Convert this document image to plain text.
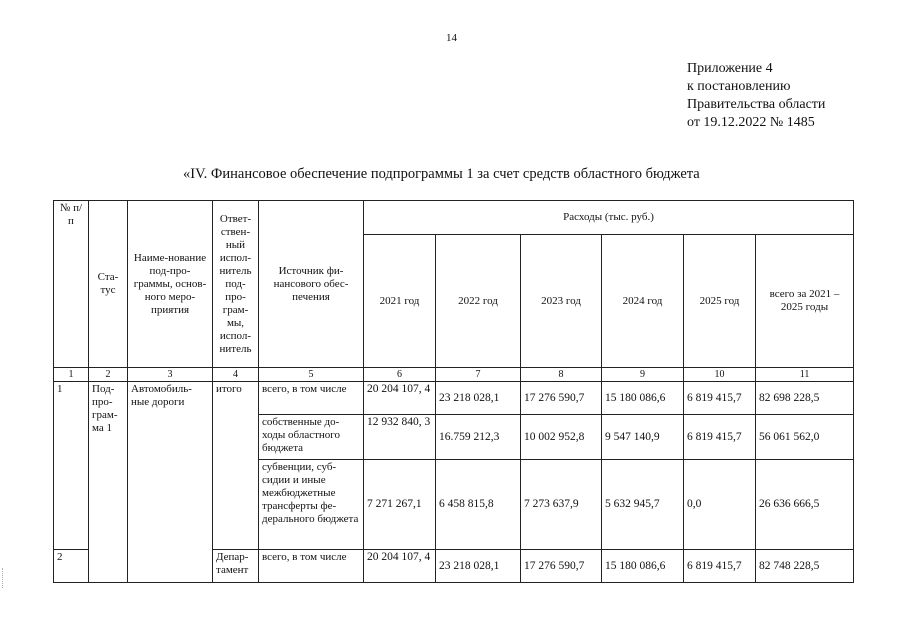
14
Приложение 4
к постановлению
Правительства области
от 19.12.2022 № 1485
«IV. Финансовое обеспечение подпрограммы 1 за счет средств областного бюджета
№ п/п	Ста-тус	Наиме-нование под-про-граммы, основ-ного меро-приятия	Ответ-ствен-ный испол-нитель под-про-грам-мы, испол-нитель	Источник фи-нансового обес-печения	Расходы (тыс. руб.)					
					2021 год	2022 год	2023 год	2024 год	2025 год	всего за 2021 – 2025 годы
1	2	3	4	5	6	7	8	9	10	11
1	Под-про-грам-ма 1	Автомобиль-ные дороги	итого	всего, в том числе	20 204 107, 4	23 218 028,1	17 276 590,7	15 180 086,6	6 819 415,7	82 698 228,5
				собственные до-ходы областного бюджета	12 932 840, 3	16.759 212,3	10 002 952,8	9 547 140,9	6 819 415,7	56 061 562,0
				субвенции, суб-сидии и иные межбюджетные трансферты фе-дерального бюджета	7 271 267,1	6 458 815,8	7 273 637,9	5 632 945,7	0,0	26 636 666,5
2			Депар-тамент	всего, в том числе	20 204 107, 4	23 218 028,1	17 276 590,7	15 180 086,6	6 819 415,7	82 748 228,5
